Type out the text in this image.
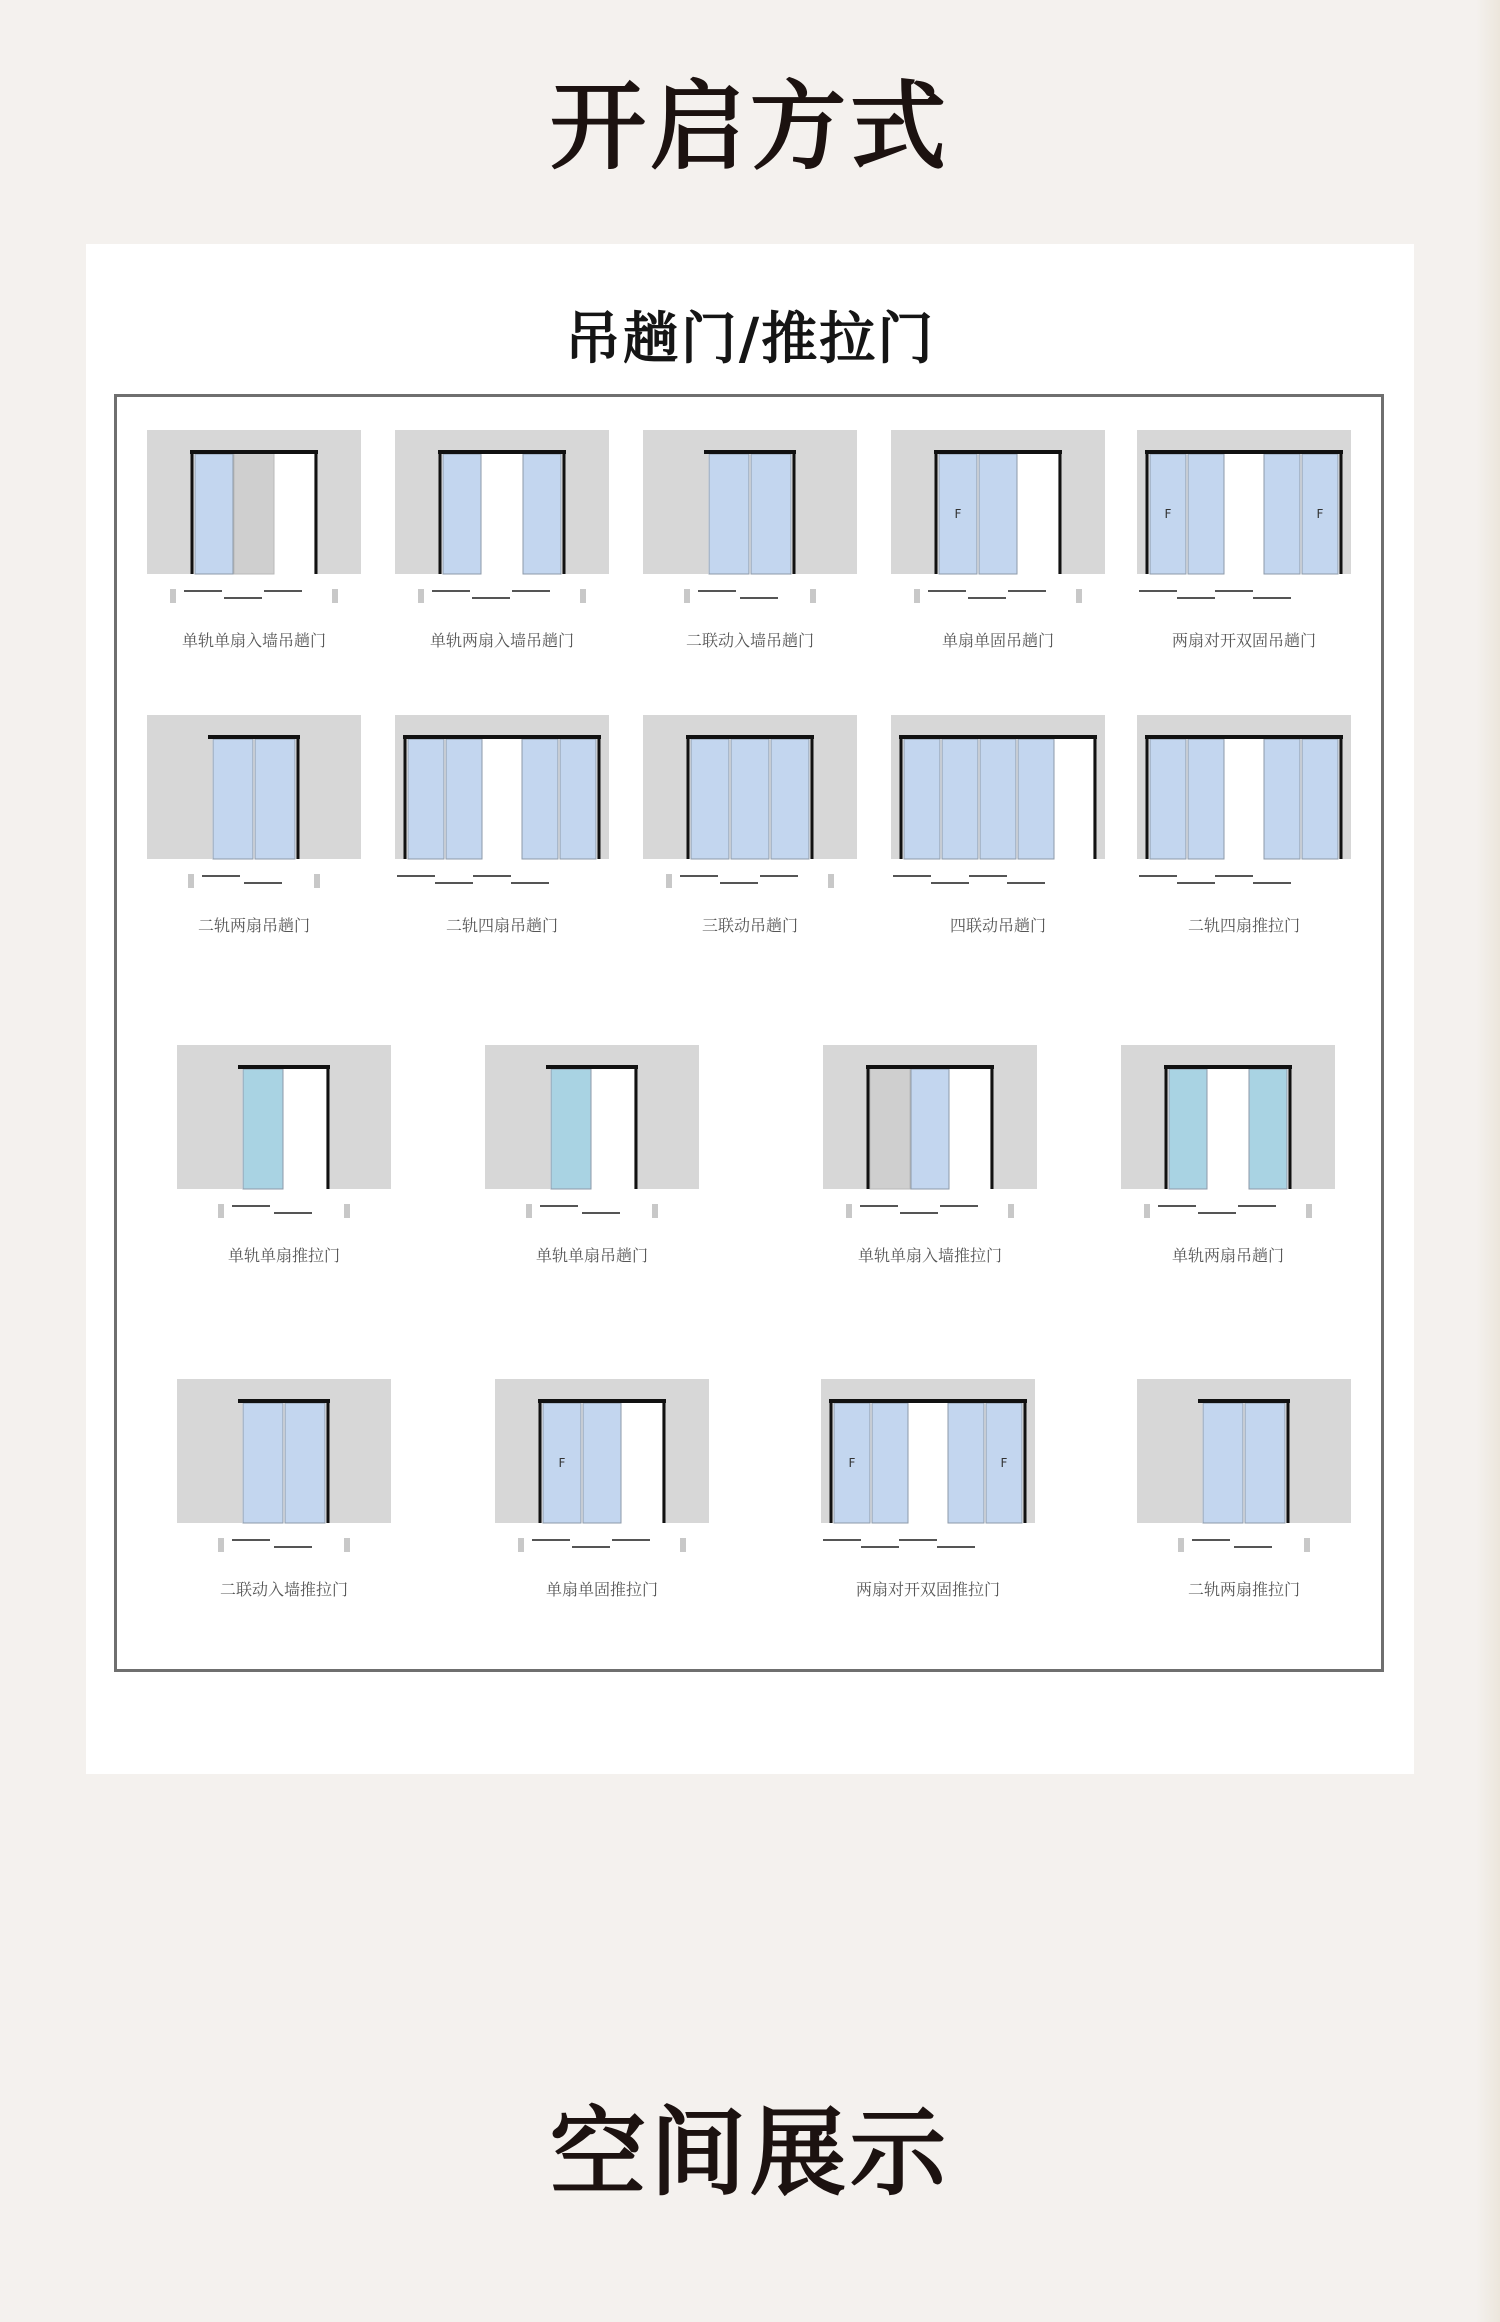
开启方式
吊趟门/推拉门
单轨单扇入墙吊趟门	单轨两扇入墙吊趟门	二联动入墙吊趟门
F
单扇单固吊趟门
F	F
两扇对开双固吊趟门
二轨两扇吊趟门	二轨四扇吊趟门	三联动吊趟门	四联动吊趟门	二轨四扇推拉门
单轨单扇推拉门	单轨单扇吊趟门	单轨单扇入墙推拉门	单轨两扇吊趟门
二联动入墙推拉门
F
单扇单固推拉门
F	F
两扇对开双固推拉门	二轨两扇推拉门
空间展示
